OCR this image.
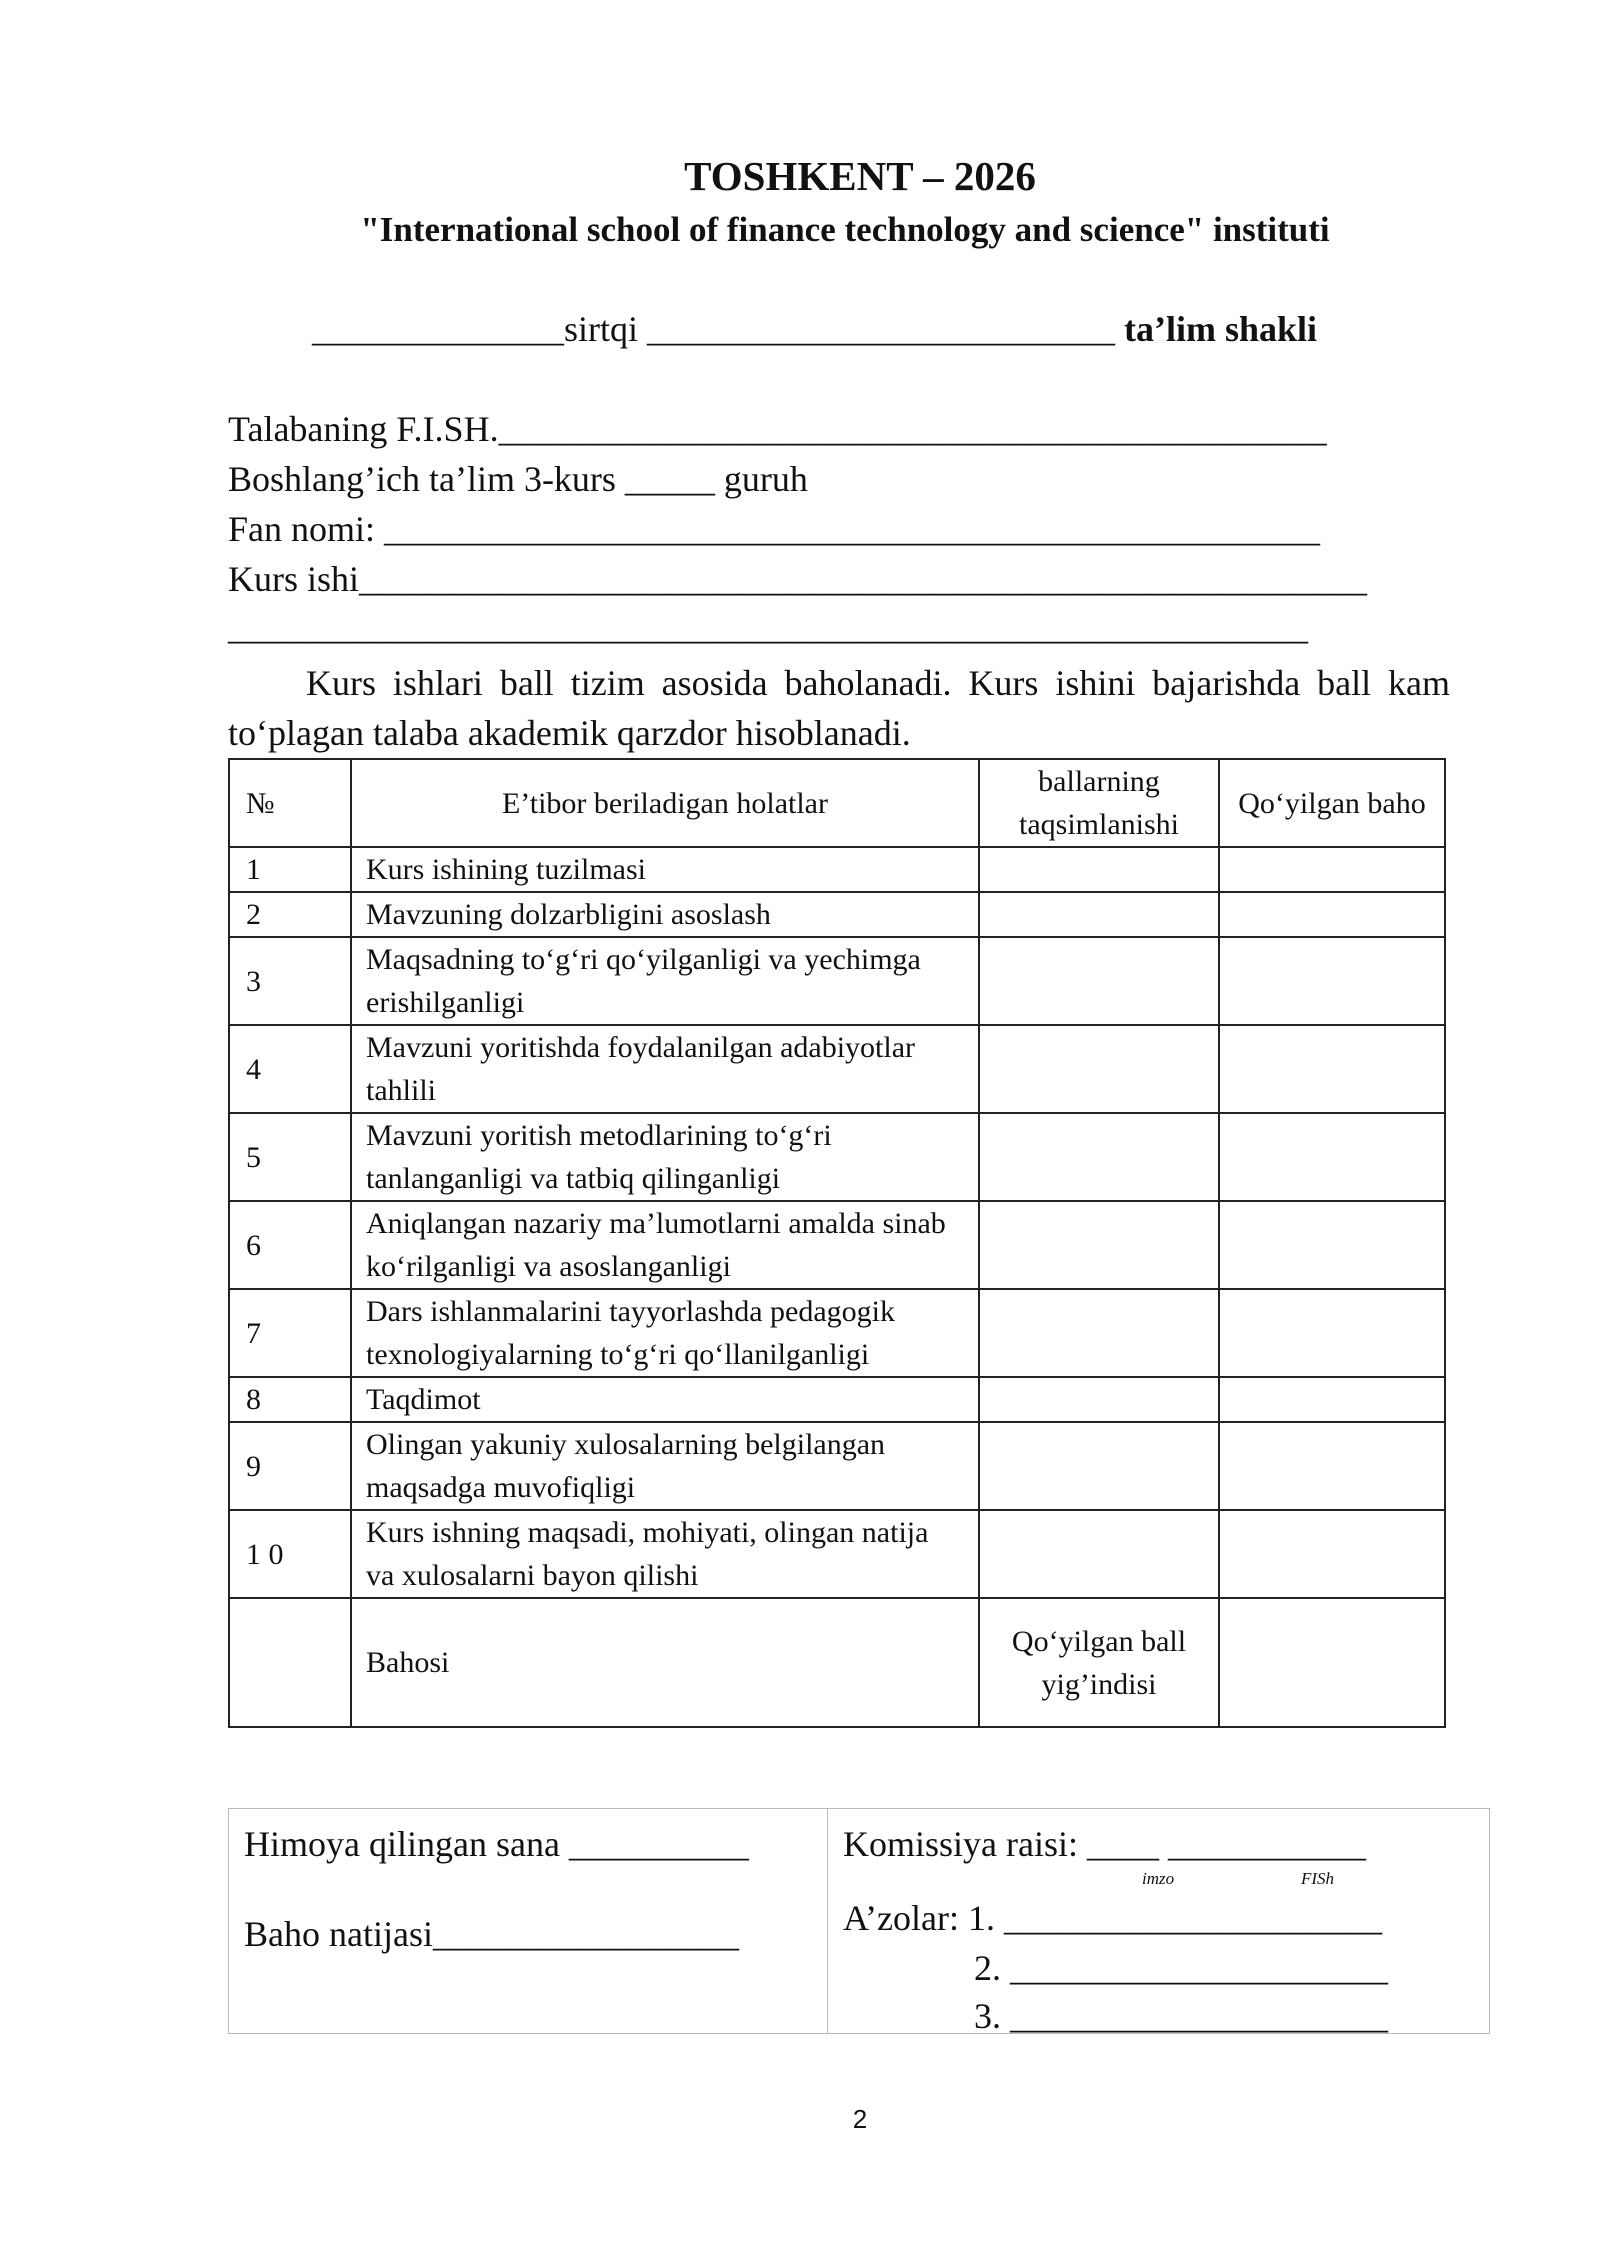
TOSHKENT – 2026
"International school of finance technology and science" instituti
______________sirtqi __________________________ ta’lim shakli
Talabaning F.I.SH.______________________________________________
Boshlang’ich ta’lim 3-kurs _____ guruh
Fan nomi: ____________________________________________________
Kurs ishi________________________________________________________
____________________________________________________________
Kurs ishlari ball tizim asosida baholanadi. Kurs ishini bajarishda ball kam to‘plagan talaba akademik qarzdor hisoblanadi.
№	E’tibor beriladigan holatlar	ballarning taqsimlanishi	Qo‘yilgan baho
1	Kurs ishining tuzilmasi		
2	Mavzuning dolzarbligini asoslash		
3	Maqsadning to‘g‘ri qo‘yilganligi va yechimga erishilganligi		
4	Mavzuni yoritishda foydalanilgan adabiyotlar tahlili		
5	Mavzuni yoritish metodlarining to‘g‘ri tanlanganligi va tatbiq qilinganligi		
6	Aniqlangan nazariy ma’lumotlarni amalda sinab ko‘rilganligi va asoslanganligi		
7	Dars ishlanmalarini tayyorlashda pedagogik texnologiyalarning to‘g‘ri qo‘llanilganligi		
8	Taqdimot		
9	Olingan yakuniy xulosalarning belgilangan maqsadga muvofiqligi		
1 0	Kurs ishning maqsadi, mohiyati, olingan natija va xulosalarni bayon qilishi		
	Bahosi	Qo‘yilgan ball yig’indisi	
Himoya qilingan sana __________
Baho natijasi_________________
Komissiya raisi: ____ ___________
imzo	FISh
A’zolar: 1. _____________________
2. _____________________
3. _____________________
2
